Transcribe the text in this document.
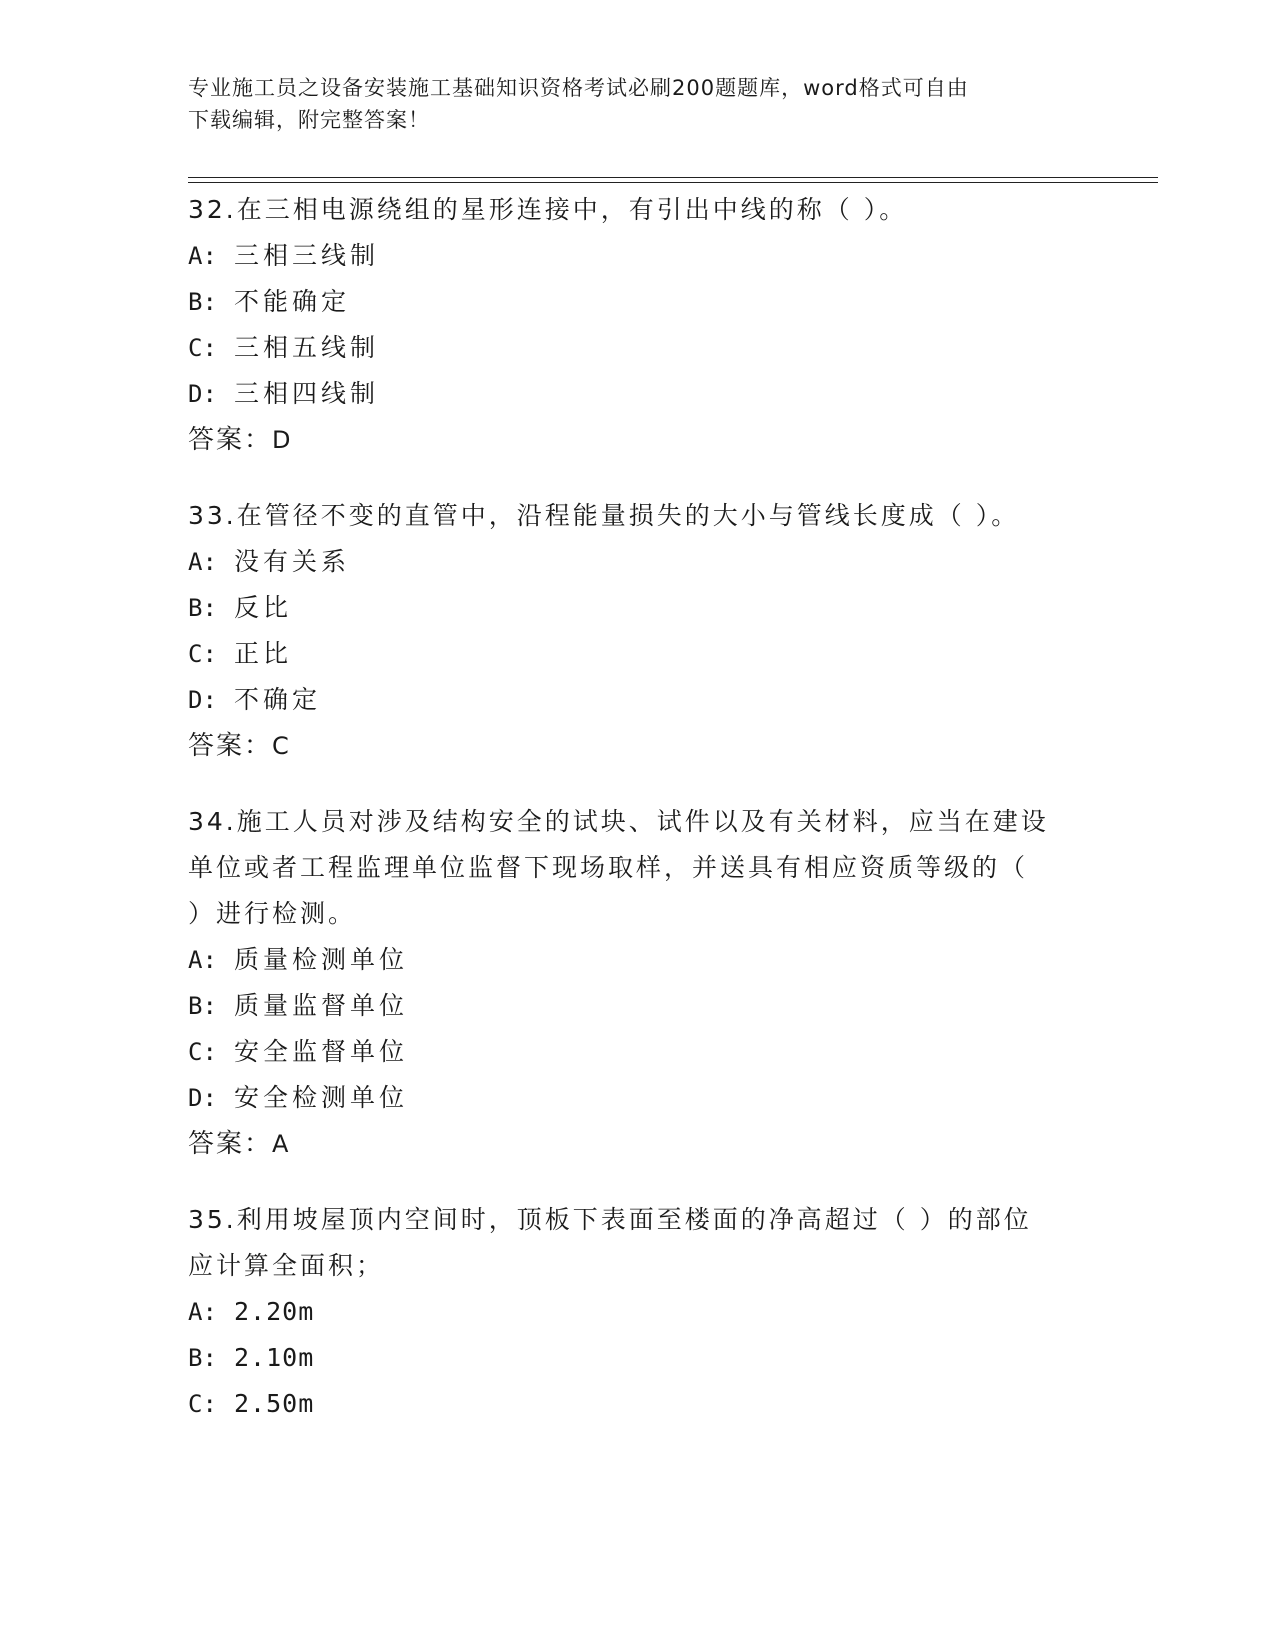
专业施工员之设备安装施工基础知识资格考试必刷200题题库，word格式可自由
下载编辑，附完整答案！
32.在三相电源绕组的星形连接中，有引出中线的称（ ）。
A: 三相三线制
B: 不能确定
C: 三相五线制
D: 三相四线制
答案：D
33.在管径不变的直管中，沿程能量损失的大小与管线长度成（ ）。
A: 没有关系
B: 反比
C: 正比
D: 不确定
答案：C
34.施工人员对涉及结构安全的试块、试件以及有关材料，应当在建设
单位或者工程监理单位监督下现场取样，并送具有相应资质等级的（
）进行检测。
A: 质量检测单位
B: 质量监督单位
C: 安全监督单位
D: 安全检测单位
答案：A
35.利用坡屋顶内空间时，顶板下表面至楼面的净高超过（ ）的部位
应计算全面积；
A: 2.20m
B: 2.10m
C: 2.50m
